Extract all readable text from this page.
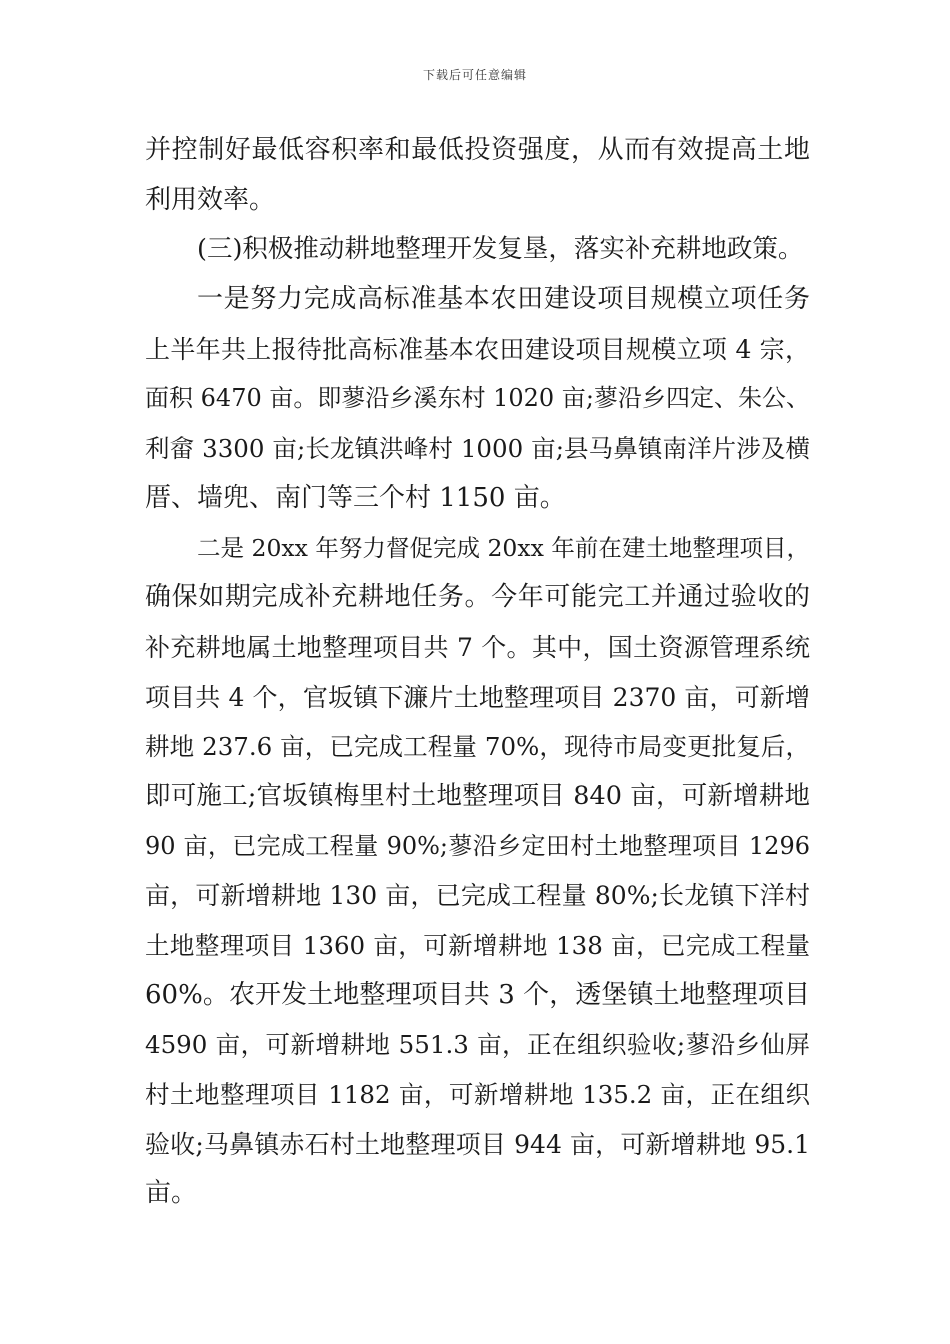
下载后可任意编辑
并控制好最低容积率和最低投资强度，从而有效提高土地
利用效率。
(三)积极推动耕地整理开发复垦，落实补充耕地政策。
一是努力完成高标准基本农田建设项目规模立项任务
上半年共上报待批高标准基本农田建设项目规模立项 4 宗，
面积 6470 亩。即蓼沿乡溪东村 1020 亩;蓼沿乡四定、朱公、
利畲 3300 亩;长龙镇洪峰村 1000 亩;县马鼻镇南洋片涉及横
厝、墙兜、南门等三个村 1150 亩。
二是 20xx 年努力督促完成 20xx 年前在建土地整理项目，
确保如期完成补充耕地任务。今年可能完工并通过验收的
补充耕地属土地整理项目共 7 个。其中，国土资源管理系统
项目共 4 个，官坂镇下濂片土地整理项目 2370 亩，可新增
耕地 237.6 亩，已完成工程量 70%，现待市局变更批复后，
即可施工;官坂镇梅里村土地整理项目 840 亩，可新增耕地
90 亩，已完成工程量 90%;蓼沿乡定田村土地整理项目 1296
亩，可新增耕地 130 亩，已完成工程量 80%;长龙镇下洋村
土地整理项目 1360 亩，可新增耕地 138 亩，已完成工程量
60%。农开发土地整理项目共 3 个，透堡镇土地整理项目
4590 亩，可新增耕地 551.3 亩，正在组织验收;蓼沿乡仙屏
村土地整理项目 1182 亩，可新增耕地 135.2 亩，正在组织
验收;马鼻镇赤石村土地整理项目 944 亩，可新增耕地 95.1
亩。
